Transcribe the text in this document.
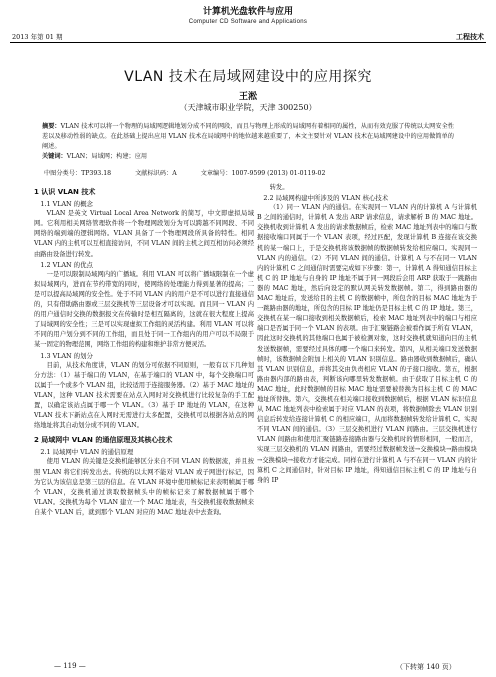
计算机光盘软件与应用
Computer CD Software and Applications
2013 年第 01 期	工程技术
VLAN 技术在局域网建设中的应用探究
王淞
（天津城市职业学院，天津 300250）
摘要：VLAN 技术可以将一个物理的局域网逻辑地划分成不同的网段，而且与物理上形成的局域网有着相同的属性，从而有效克服了传统以太网安全性差以及移动性弱的缺点。在此基础上提出应用 VLAN 技术在局域网中的地位越来越重要了，本文主要针对 VLAN 技术在局域网建设中的应用做简单的阐述。
关键词：VLAN；局域网；构建；应用
中图分类号：TP393.18	文献标识码：A	文章编号：1007-9599 (2013) 01-0119-02
1 认识 VLAN 技术
1.1 VLAN 的概念

VLAN 是英文 Virtual Local Area Network 的简写，中文即虚拟局域网。它利用相关网络管理软件将一个物理网段划分为可以跨越不同网段、不同网络的端到端的逻辑网络。VLAN 具备了一个物理网段所具备的特性。相同 VLAN 内的主机可以互相直接访问，不同 VLAN 间的主机之间互相访问必须经由路由设备进行转发。

1.2 VLAN 的优点

一是可以限制局域网内的广播域。利用 VLAN 可以将广播域限制在一个虚拟局域网内，进而在节约带宽的同时，使网络的处理能力得到显著的提高；二是可以提高局域网的安全性。处于不同 VLAN 内的用户是不可以进行直接通信的，只有借助路由器或三层交换机等三层设备才可以实现。而且同一 VLAN 内的用户通信时交换的数据报文在传输时是相互隔离的，这就在很大程度上提高了局域网的安全性；三是可以实现虚拟工作组的灵活构建。利用 VLAN 可以将不同的用户划分到不同的工作组，而且处于同一工作组内的用户可以不局限于某一固定的物理范围，网络工作组的构建和维护非常方便灵活。

1.3 VLAN 的划分

目前，从技术角度讲，VLAN 的划分可依据不同原则，一般有以下几种划分方法：（1）基于端口的 VLAN，在基于端口的 VLAN 中，每个交换端口可以属于一个或多个 VLAN 组，比较适用于连接服务器。（2）基于 MAC 地址的 VLAN，这种 VLAN 技术需要在站点入网时对交换机进行比较复杂的手工配置，以确定该站点属于哪一个 VLAN。（3）基于 IP 地址的 VLAN，在这种 VLAN 技术下新站点在入网时无需进行太多配置，交换机可以根据各站点的网络地址将其自动划分成不同的 VLAN。

2 局域网中 VLAN 的通信原理及其核心技术
2.1 局域网中 VLAN 的通信原理

使用 VLAN 的关键是交换机能够区分来自不同 VLAN 的数据流，并且按照 VLAN 将它们转发出去。传统的以太网不能对 VLAN 或子网进行标记，因为它认为该信息是第三层的信息。在 VLAN 环境中使用帧标记来表明帧属于哪个 VLAN，交换机通过读取数据帧头中的帧标记来了解数据帧属于哪个 VLAN。交换机为每个 VLAN 建立一个 MAC 地址表，当交换机接收数据帧来自某个 VLAN 后，就到那个 VLAN 对应的 MAC 地址表中去查询。

转发。

2.2 局域网构建中所涉及的 VLAN 核心技术

（1）同一 VLAN 内的通信。在实现同一 VLAN 内的计算机 A 与计算机 B 之间的通信时，计算机 A 发出 ARP 请求信息，请求解析 B 的 MAC 地址。交换机收到计算机 A 发出的请求数据帧后，检索 MAC 地址列表中的端口与数据接收端口同属于一个 VLAN 表项，经过匹配，发现计算机 B 连接在该交换机的某一端口上，于是交换机将该数据帧的数据帧转发给相应端口。实现同一 VLAN 内的通信。（2）不同 VLAN 间的通信。计算机 A 与不在同一 VLAN 内的计算机 C 之间通信时需要完成如下步骤：第一，计算机 A 得知通信目标主机 C 的 IP 地址与自身的 IP 地址不属于同一网段后会用 ARP 获取于一跳路由器的 MAC 地址，然后向设定的默认网关转发数据帧。第二，得到路由器的 MAC 地址后，发送给目的主机 C 的数据帧中，所包含的目标 MAC 地址为于一跳路由器的地址，所包含的目标 IP 地址仍是目标主机 C 的 IP 地址。第三，交换机在某一端口接收到相关数据帧后，检索 MAC 地址列表中的端口与相应端口是否属于同一个 VLAN 的表项。由于汇聚链路会被看作属于所有 VLAN，因此这时交换机的其他端口也属于被检测对象，这时交换机就知道向目的主机发送数据帧，需要经过具体的哪一个端口来转发。第四，从相关端口发送数据帧时，该数据帧会附加上相关的 VLAN 识别信息。路由器收到数据帧后，确认其 VLAN 识别信息，并将其交由负责相应 VLAN 的子接口接收。第五，根据路由器内部的路由表，判断该向哪里转发数据帧。由于获取了目标主机 C 的 MAC 地址，此时数据帧的目标 MAC 地址需要被替换为目标主机 C 的 MAC 地址所替换。第六，交换机在相关端口接收到数据帧后，根据 VLAN 标识信息从 MAC 地址列表中检索属于对应 VLAN 的表项，将数据帧除去 VLAN 识别信息后转发给连接计算机 C 的相应端口，从而将数据帧转发给计算机 C。实现不同 VLAN 间的通信。（3）三层交换机进行 VLAN 间路由。三层交换机进行 VLAN 间路由和使用汇聚链路连接路由器与交换机时的情形相同，一般而言，实现三层交换机的 VLAN 间路由，需要经过数据帧发送→交换模块→路由模块→交换模块→接收方才能完成。同样在进行计算机 A 与不在同一 VLAN 内的计算机 C 之间通信时，针对目标 IP 地址，得知通信目标主机 C 的 IP 地址与自身的 IP

— 119 —	（下转第 140 页）
